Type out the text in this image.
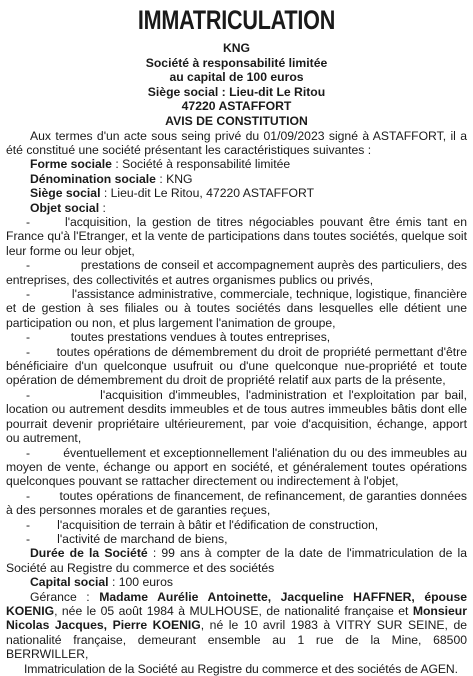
IMMATRICULATION
KNG
Société à responsabilité limitée
au capital de 100 euros
Siège social : Lieu-dit Le Ritou
47220 ASTAFFORT
AVIS DE CONSTITUTION

Aux termes d'un acte sous seing privé du 01/09/2023 signé à ASTAFFORT, il a été constitué une société présentant les caractéristiques suivantes :

Forme sociale : Société à responsabilité limitée

Dénomination sociale : KNG

Siège social : Lieu-dit Le Ritou, 47220 ASTAFFORT

Objet social :

-      l'acquisition, la gestion de titres négociables pouvant être émis tant en France qu'à l'Etranger, et la vente de participations dans toutes sociétés, quelque soit leur forme ou leur objet,

-              prestations de conseil et accompagnement auprès des particuliers, des entreprises, des collectivités et autres organismes publics ou privés,

-            l'assistance administrative, commerciale, technique, logistique, financière et de gestion à ses filiales ou à toutes sociétés dans lesquelles elle détient une participation ou non, et plus largement l'animation de groupe,

-            toutes prestations vendues à toutes entreprises,

-       toutes opérations de démembrement du droit de propriété permettant d'être bénéficiaire d'un quelconque usufruit ou d'une quelconque nue-propriété et toute opération de démembrement du droit de propriété relatif aux parts de la présente,

-            l'acquisition d'immeubles, l'administration et l'exploitation par bail, location ou autrement desdits immeubles et de tous autres immeubles bâtis dont elle pourrait devenir propriétaire ultérieurement, par voie d'acquisition, échange, apport ou autrement,

-         éventuellement et exceptionnellement l'aliénation du ou des immeubles au moyen de vente, échange ou apport en société, et généralement toutes opérations quelconques pouvant se rattacher directement ou indirectement à l'objet,

-        toutes opérations de financement, de refinancement, de garanties données à des personnes morales et de garanties reçues,

-        l'acquisition de terrain à bâtir et l'édification de construction,

-        l'activité de marchand de biens,

Durée de la Société : 99 ans à compter de la date de l'immatriculation de la Société au Registre du commerce et des sociétés

Capital social : 100 euros

Gérance : Madame Aurélie Antoinette, Jacqueline HAFFNER, épouse KOENIG, née le 05 août 1984 à MULHOUSE, de nationalité française et Monsieur Nicolas Jacques, Pierre KOENIG, né le 10 avril 1983 à VITRY SUR SEINE, de nationalité française, demeurant ensemble au 1 rue de la Mine, 68500 BERRWILLER,

Immatriculation de la Société au Registre du commerce et des sociétés de AGEN.
